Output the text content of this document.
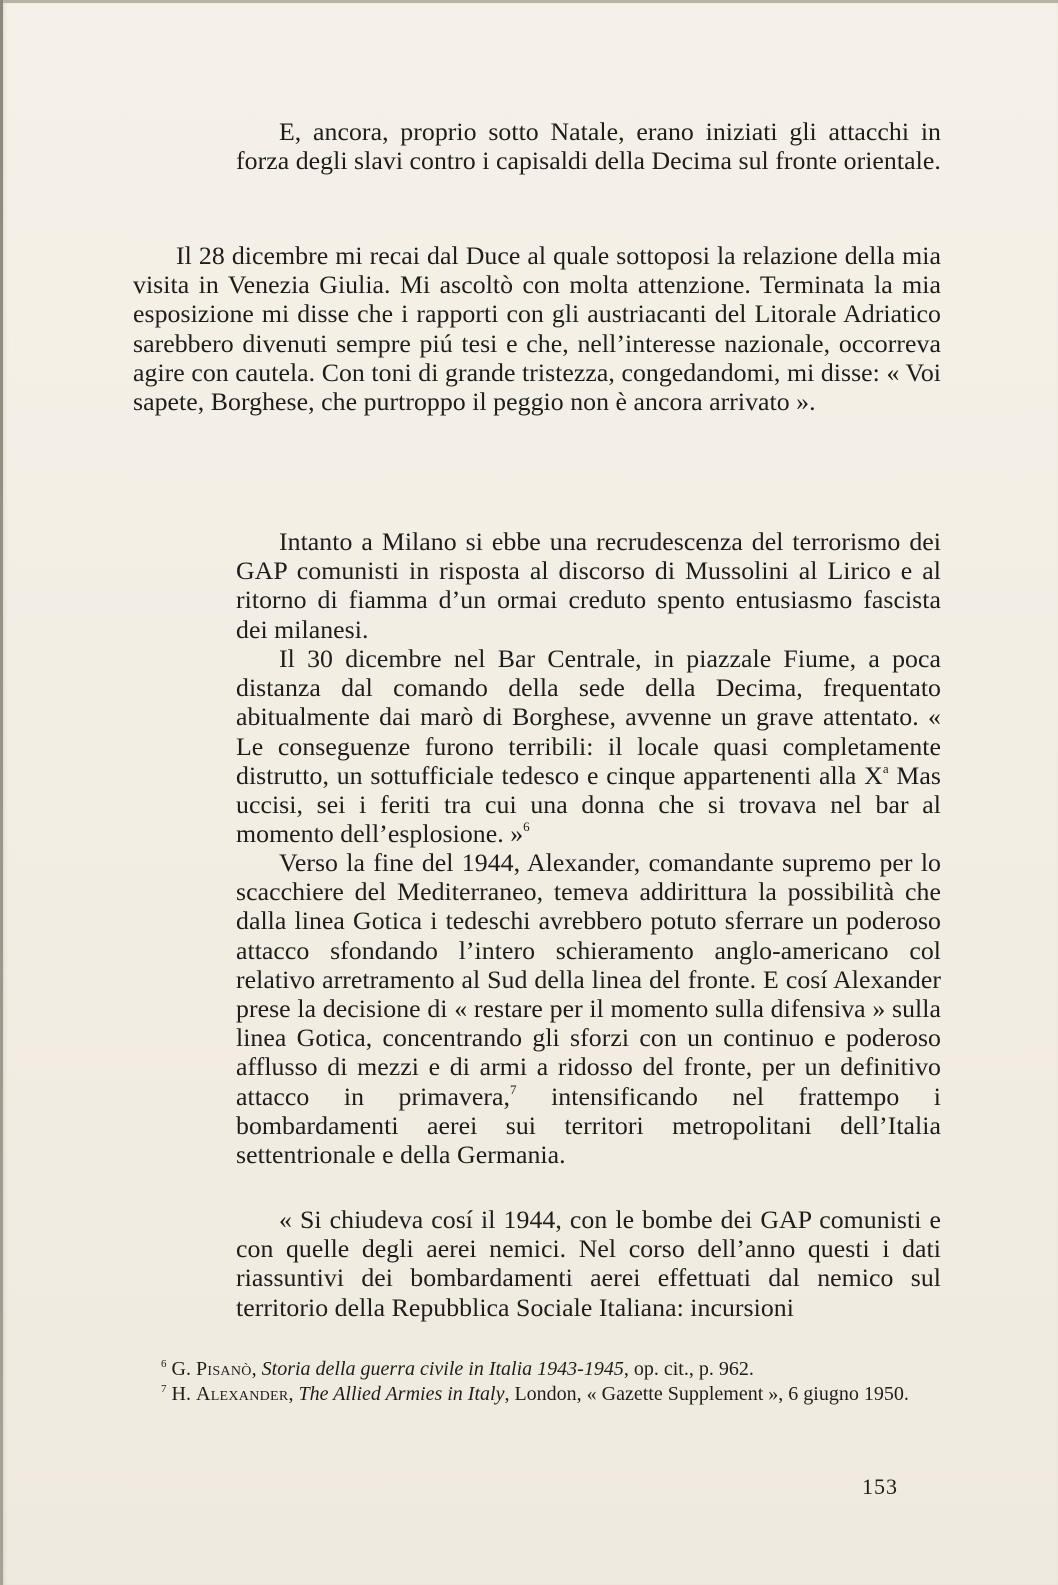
E, ancora, proprio sotto Natale, erano iniziati gli attacchi in forza degli slavi contro i capisaldi della Decima sul fronte orientale.

Il 28 dicembre mi recai dal Duce al quale sottoposi la relazione della mia visita in Venezia Giulia. Mi ascoltò con molta attenzione. Terminata la mia esposizione mi disse che i rapporti con gli austriacanti del Litorale Adriatico sarebbero divenuti sempre piú tesi e che, nell’interesse nazionale, occorreva agire con cautela. Con toni di grande tristezza, congedandomi, mi disse: « Voi sapete, Borghese, che purtroppo il peggio non è ancora arrivato ».

Intanto a Milano si ebbe una recrudescenza del terrorismo dei GAP comunisti in risposta al discorso di Mussolini al Lirico e al ritorno di fiamma d’un ormai creduto spento entusiasmo fascista dei milanesi.

Il 30 dicembre nel Bar Centrale, in piazzale Fiume, a poca distanza dal comando della sede della Decima, frequentato abitualmente dai marò di Borghese, avvenne un grave attentato. « Le conseguenze furono terribili: il locale quasi completamente distrutto, un sottufficiale tedesco e cinque appartenenti alla X$^a$ Mas uccisi, sei i feriti tra cui una donna che si trovava nel bar al momento dell’esplosione. »$^6$

Verso la fine del 1944, Alexander, comandante supremo per lo scacchiere del Mediterraneo, temeva addirittura la possibilità che dalla linea Gotica i tedeschi avrebbero potuto sferrare un poderoso attacco sfondando l’intero schieramento anglo-americano col relativo arretramento al Sud della linea del fronte. E cosí Alexander prese la decisione di « restare per il momento sulla difensiva » sulla linea Gotica, concentrando gli sforzi con un continuo e poderoso afflusso di mezzi e di armi a ridosso del fronte, per un definitivo attacco in primavera,$^7$ intensificando nel frattempo i bombardamenti aerei sui territori metropolitani dell’Italia settentrionale e della Germania.

« Si chiudeva cosí il 1944, con le bombe dei GAP comunisti e con quelle degli aerei nemici. Nel corso dell’anno questi i dati riassuntivi dei bombardamenti aerei effettuati dal nemico sul territorio della Repubblica Sociale Italiana: incursioni

$^6$ G. Pisanò, Storia della guerra civile in Italia 1943-1945, op. cit., p. 962.

$^7$ H. Alexander, The Allied Armies in Italy, London, « Gazette Supplement », 6 giugno 1950.

153
